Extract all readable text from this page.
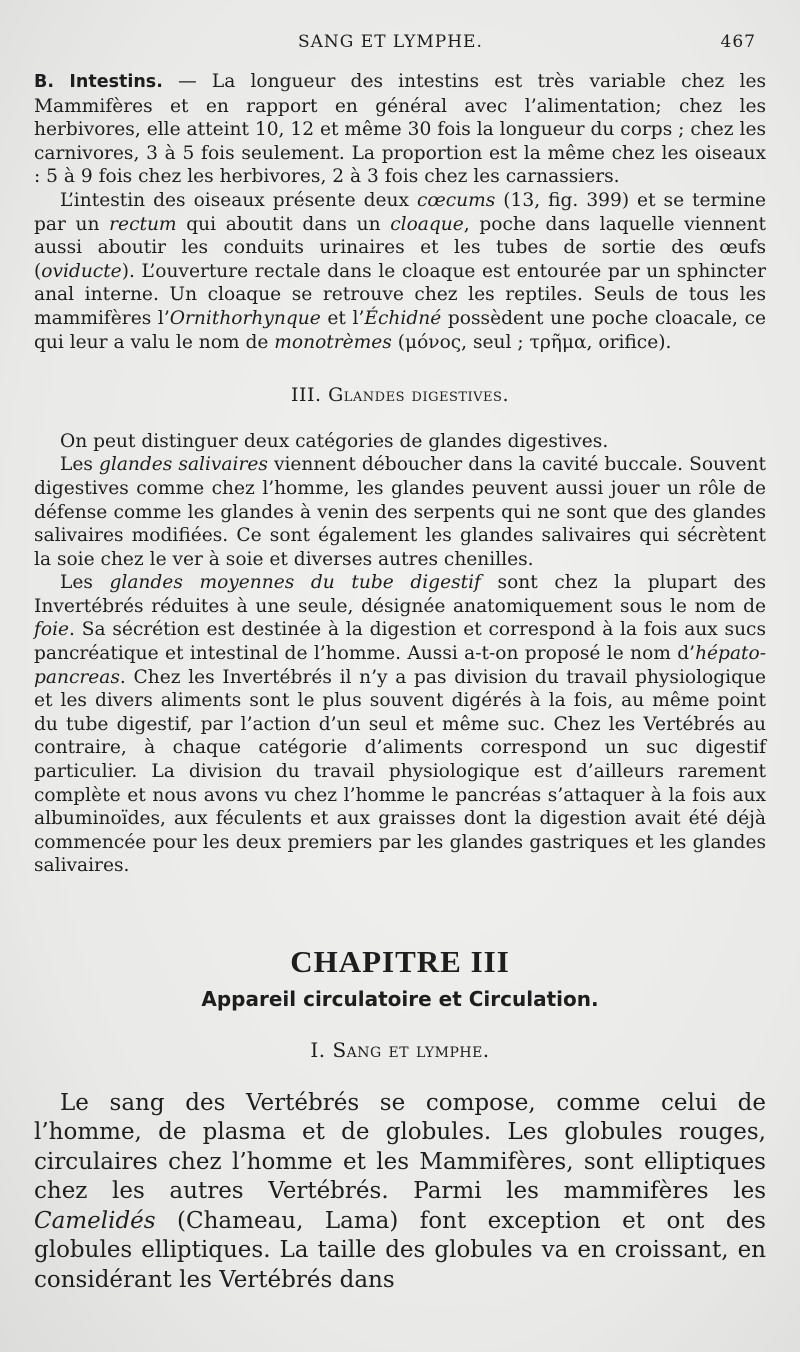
SANG ET LYMPHE.	467

B. Intestins. — La longueur des intestins est très variable chez les Mammifères et en rapport en général avec l’alimentation; chez les herbivores, elle atteint 10, 12 et même 30 fois la longueur du corps ; chez les carnivores, 3 à 5 fois seulement. La proportion est la même chez les oiseaux : 5 à 9 fois chez les herbivores, 2 à 3 fois chez les carnassiers.

L’intestin des oiseaux présente deux cœcums (13, fig. 399) et se termine par un rectum qui aboutit dans un cloaque, poche dans laquelle viennent aussi aboutir les conduits urinaires et les tubes de sortie des œufs (oviducte). L’ouverture rectale dans le cloaque est entourée par un sphincter anal interne. Un cloaque se retrouve chez les reptiles. Seuls de tous les mammifères l’Ornithorhynque et l’Échidné possèdent une poche cloacale, ce qui leur a valu le nom de monotrèmes (μόνος, seul ; τρῆμα, orifice).

III. Glandes digestives.

On peut distinguer deux catégories de glandes digestives.

Les glandes salivaires viennent déboucher dans la cavité buccale. Souvent digestives comme chez l’homme, les glandes peuvent aussi jouer un rôle de défense comme les glandes à venin des serpents qui ne sont que des glandes salivaires modifiées. Ce sont également les glandes salivaires qui sécrètent la soie chez le ver à soie et diverses autres chenilles.

Les glandes moyennes du tube digestif sont chez la plupart des Invertébrés réduites à une seule, désignée anatomiquement sous le nom de foie. Sa sécrétion est destinée à la digestion et correspond à la fois aux sucs pancréatique et intestinal de l’homme. Aussi a-t-on proposé le nom d’hépato-pancreas. Chez les Invertébrés il n’y a pas division du travail physiologique et les divers aliments sont le plus souvent digérés à la fois, au même point du tube digestif, par l’action d’un seul et même suc. Chez les Vertébrés au contraire, à chaque catégorie d’aliments correspond un suc digestif particulier. La division du travail physiologique est d’ailleurs rarement complète et nous avons vu chez l’homme le pancréas s’attaquer à la fois aux albuminoïdes, aux féculents et aux graisses dont la digestion avait été déjà commencée pour les deux premiers par les glandes gastriques et les glandes salivaires.

CHAPITRE III
Appareil circulatoire et Circulation.
I. Sang et lymphe.

Le sang des Vertébrés se compose, comme celui de l’homme, de plasma et de globules. Les globules rouges, circulaires chez l’homme et les Mammifères, sont elliptiques chez les autres Vertébrés. Parmi les mammifères les Camelidés (Chameau, Lama) font exception et ont des globules elliptiques. La taille des globules va en croissant, en considérant les Vertébrés dans
